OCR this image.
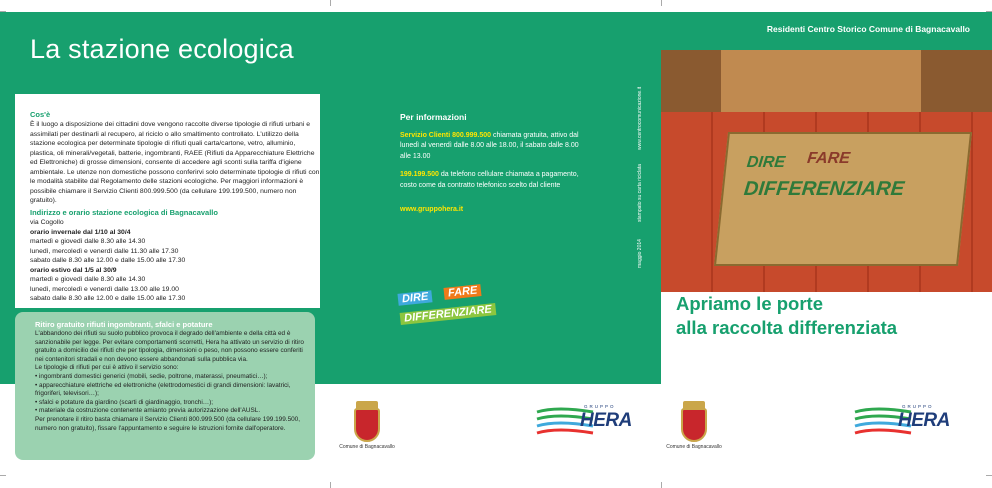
La stazione ecologica
Cos'è
È il luogo a disposizione dei cittadini dove vengono raccolte diverse tipologie di rifiuti urbani e assimilati per destinarli al recupero, al riciclo o allo smaltimento controllato. L'utilizzo della stazione ecologica per determinate tipologie di rifiuti quali carta/cartone, vetro, alluminio, plastica, oli minerali/vegetali, batterie, ingombranti, RAEE (Rifiuti da Apparecchiature Elettriche ed Elettroniche) di grosse dimensioni, consente di accedere agli sconti sulla tariffa d'igiene ambientale. Le utenze non domestiche possono conferirvi solo determinate tipologie di rifiuti con le modalità stabilite dal Regolamento delle stazioni ecologiche. Per maggiori informazioni è possibile chiamare il Servizio Clienti 800.999.500 (da cellulare 199.199.500, numero non gratuito).
Indirizzo e orario stazione ecologica di Bagnacavallo
via Cogollo
orario invernale dal 1/10 al 30/4
martedì e giovedì dalle 8.30 alle 14.30
lunedì, mercoledì e venerdì dalle 11.30 alle 17.30
sabato dalle 8.30 alle 12.00 e dalle 15.00 alle 17.30
orario estivo dal 1/5 al 30/9
martedì e giovedì dalle 8.30 alle 14.30
lunedì, mercoledì e venerdì dalle 13.00 alle 19.00
sabato dalle 8.30 alle 12.00 e dalle 15.00 alle 17.30
Ritiro gratuito rifiuti ingombranti, sfalci e potature
L'abbandono dei rifiuti su suolo pubblico provoca il degrado dell'ambiente e della città ed è sanzionabile per legge. Per evitare comportamenti scorretti, Hera ha attivato un servizio di ritiro gratuito a domicilio dei rifiuti che per tipologia, dimensioni o peso, non possono essere conferiti nei contenitori stradali e non devono essere abbandonati sulla pubblica via.
Le tipologie di rifiuti per cui è attivo il servizio sono:
• ingombranti domestici generici (mobili, sedie, poltrone, materassi, pneumatici…);
• apparecchiature elettriche ed elettroniche (elettrodomestici di grandi dimensioni: lavatrici, frigoriferi, televisori…);
• sfalci e potature da giardino (scarti di giardinaggio, tronchi…);
• materiale da costruzione contenente amianto previa autorizzazione dell'AUSL.
Per prenotare il ritiro basta chiamare il Servizio Clienti 800.999.500 (da cellulare 199.199.500, numero non gratuito), fissare l'appuntamento e seguire le istruzioni fornite dall'operatore.
Per informazioni
Servizio Clienti 800.999.500 chiamata gratuita, attivo dal lunedì al venerdì dalle 8.00 alle 18.00, il sabato dalle 8.00 alle 13.00
199.199.500 da telefono cellulare chiamata a pagamento, costo come da contratto telefonico scelto dal cliente
www.gruppohera.it
www.centrocomunicazione.it
stampato su carta riciclata
maggio 2014
DIRE	FARE
DIFFERENZIARE
Comune di Bagnacavallo
GRUPPO
HERA
DIRE FARE
DIFFERENZIARE
Residenti Centro Storico Comune di Bagnacavallo
Apriamo le porte
alla raccolta differenziata
Comune di Bagnacavallo
GRUPPO
HERA
